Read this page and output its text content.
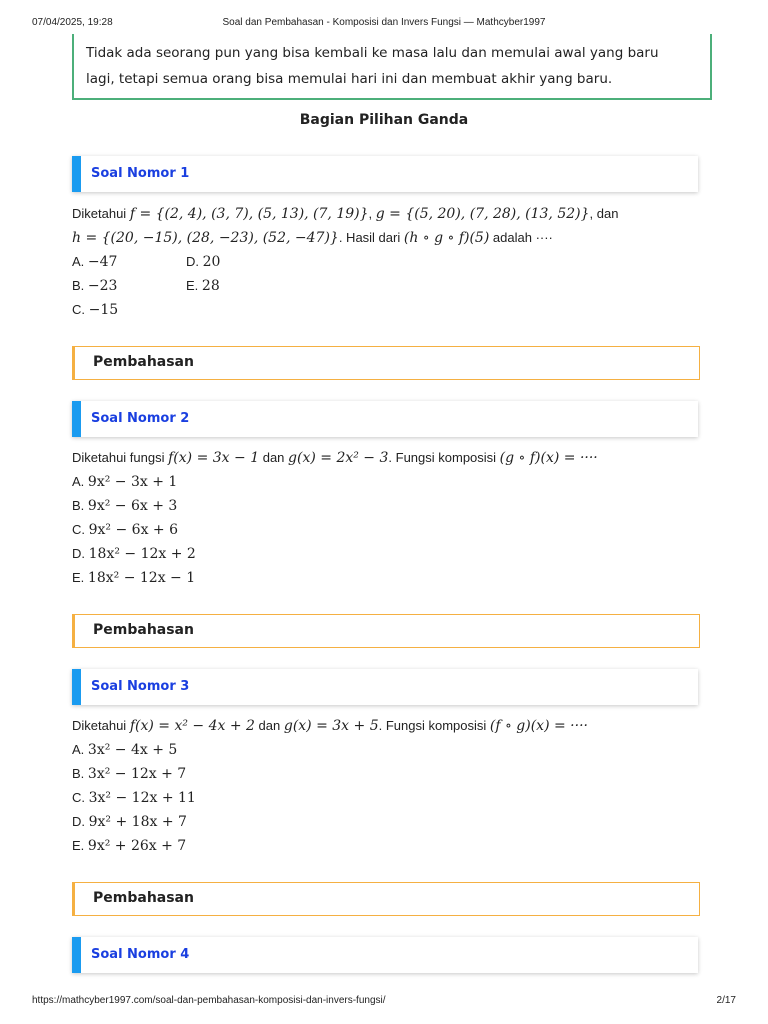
07/04/2025, 19:28	Soal dan Pembahasan - Komposisi dan Invers Fungsi — Mathcyber1997
Tidak ada seorang pun yang bisa kembali ke masa lalu dan memulai awal yang baru
lagi, tetapi semua orang bisa memulai hari ini dan membuat akhir yang baru.
Bagian Pilihan Ganda
Soal Nomor 1
Diketahui f = {(2, 4), (3, 7), (5, 13), (7, 19)}, g = {(5, 20), (7, 28), (13, 52)}, dan
h = {(20, −15), (28, −23), (52, −47)}. Hasil dari (h ∘ g ∘ f)(5) adalah ····
A. −47
B. −23
C. −15
D. 20
E. 28
Pembahasan
Soal Nomor 2
Diketahui fungsi f(x) = 3x − 1 dan g(x) = 2x² − 3. Fungsi komposisi (g ∘ f)(x) = ····
A. 9x² − 3x + 1
B. 9x² − 6x + 3
C. 9x² − 6x + 6
D. 18x² − 12x + 2
E. 18x² − 12x − 1
Pembahasan
Soal Nomor 3
Diketahui f(x) = x² − 4x + 2 dan g(x) = 3x + 5. Fungsi komposisi (f ∘ g)(x) = ····
A. 3x² − 4x + 5
B. 3x² − 12x + 7
C. 3x² − 12x + 11
D. 9x² + 18x + 7
E. 9x² + 26x + 7
Pembahasan
Soal Nomor 4
https://mathcyber1997.com/soal-dan-pembahasan-komposisi-dan-invers-fungsi/	2/17
